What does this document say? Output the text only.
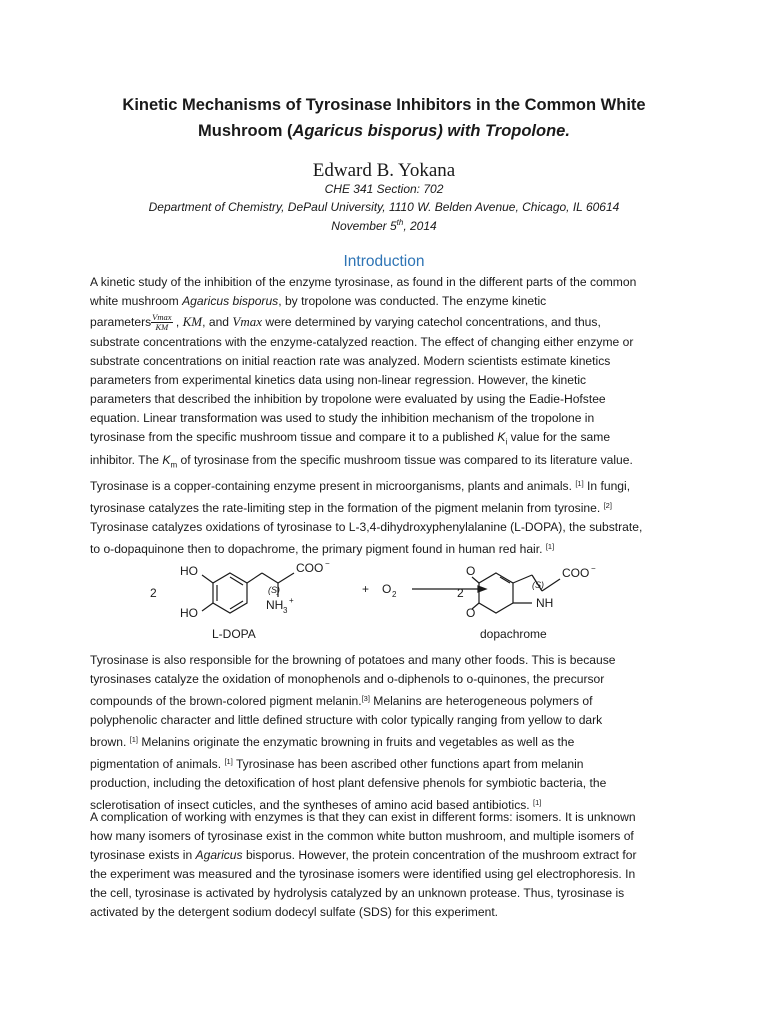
Kinetic Mechanisms of Tyrosinase Inhibitors in the Common White
Mushroom (Agaricus bisporus) with Tropolone.
Edward B. Yokana
CHE 341 Section: 702
Department of Chemistry, DePaul University, 1110 W. Belden Avenue, Chicago, IL 60614
November 5th, 2014
Introduction

A kinetic study of the inhibition of the enzyme tyrosinase, as found in the different parts of the common

white mushroom Agaricus bisporus, by tropolone was conducted. The enzyme kinetic

parameters $\frac{Vmax}{KM}$ , KM, and Vmax were determined by varying catechol concentrations, and thus,

substrate concentrations with the enzyme-catalyzed reaction. The effect of changing either enzyme or

substrate concentrations on initial reaction rate was analyzed. Modern scientists estimate kinetics

parameters from experimental kinetics data using non-linear regression. However, the kinetic

parameters that described the inhibition by tropolone were evaluated by using the Eadie-Hofstee

equation. Linear transformation was used to study the inhibition mechanism of the tropolone in

tyrosinase from the specific mushroom tissue and compare it to a published $K_i$ value for the same

inhibitor. The $K_m$ of tyrosinase from the specific mushroom tissue was compared to its literature value.

Tyrosinase is a copper-containing enzyme present in microorganisms, plants and animals. [1] In fungi,

tyrosinase catalyzes the rate-limiting step in the formation of the pigment melanin from tyrosine. [2]

Tyrosinase catalyzes oxidations of tyrosinase to L-3,4-dihydroxyphenylalanine (L-DOPA), the substrate,

to o-dopaquinone then to dopachrome, the primary pigment found in human red hair. [1]

2
HO
HO
COO −
(S)
NH 3
+
L-DOPA
+ O 2	2
O
O
COO −
(S)
NH
dopachrome

Tyrosinase is also responsible for the browning of potatoes and many other foods. This is because

tyrosinases catalyze the oxidation of monophenols and o-diphenols to o-quinones, the precursor

compounds of the brown-colored pigment melanin.[3] Melanins are heterogeneous polymers of

polyphenolic character and little defined structure with color typically ranging from yellow to dark

brown. [1] Melanins originate the enzymatic browning in fruits and vegetables as well as the

pigmentation of animals. [1] Tyrosinase has been ascribed other functions apart from melanin

production, including the detoxification of host plant defensive phenols for symbiotic bacteria, the

sclerotisation of insect cuticles, and the syntheses of amino acid based antibiotics. [1]

A complication of working with enzymes is that they can exist in different forms: isomers. It is unknown

how many isomers of tyrosinase exist in the common white button mushroom, and multiple isomers of

tyrosinase exists in Agaricus bisporus. However, the protein concentration of the mushroom extract for

the experiment was measured and the tyrosinase isomers were identified using gel electrophoresis. In

the cell, tyrosinase is activated by hydrolysis catalyzed by an unknown protease. Thus, tyrosinase is

activated by the detergent sodium dodecyl sulfate (SDS) for this experiment.
